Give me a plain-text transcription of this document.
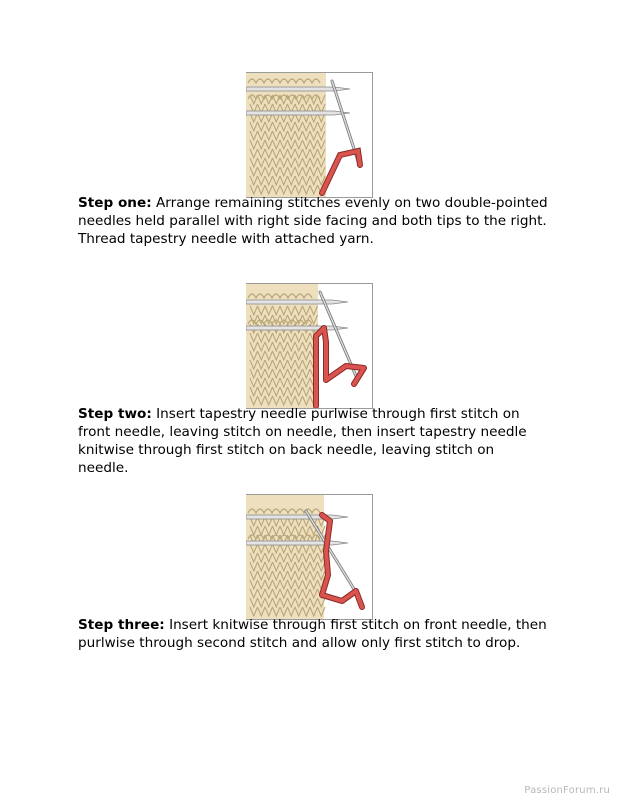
Step one: Arrange remaining stitches evenly on two double-pointed needles held parallel with right side facing and both tips to the right. Thread tapestry needle with attached yarn.

Step two: Insert tapestry needle purlwise through first stitch on front needle, leaving stitch on needle, then insert tapestry needle knitwise through first stitch on back needle, leaving stitch on needle.

Step three: Insert knitwise through first stitch on front needle, then purlwise through second stitch and allow only first stitch to drop.

PassionForum.ru
